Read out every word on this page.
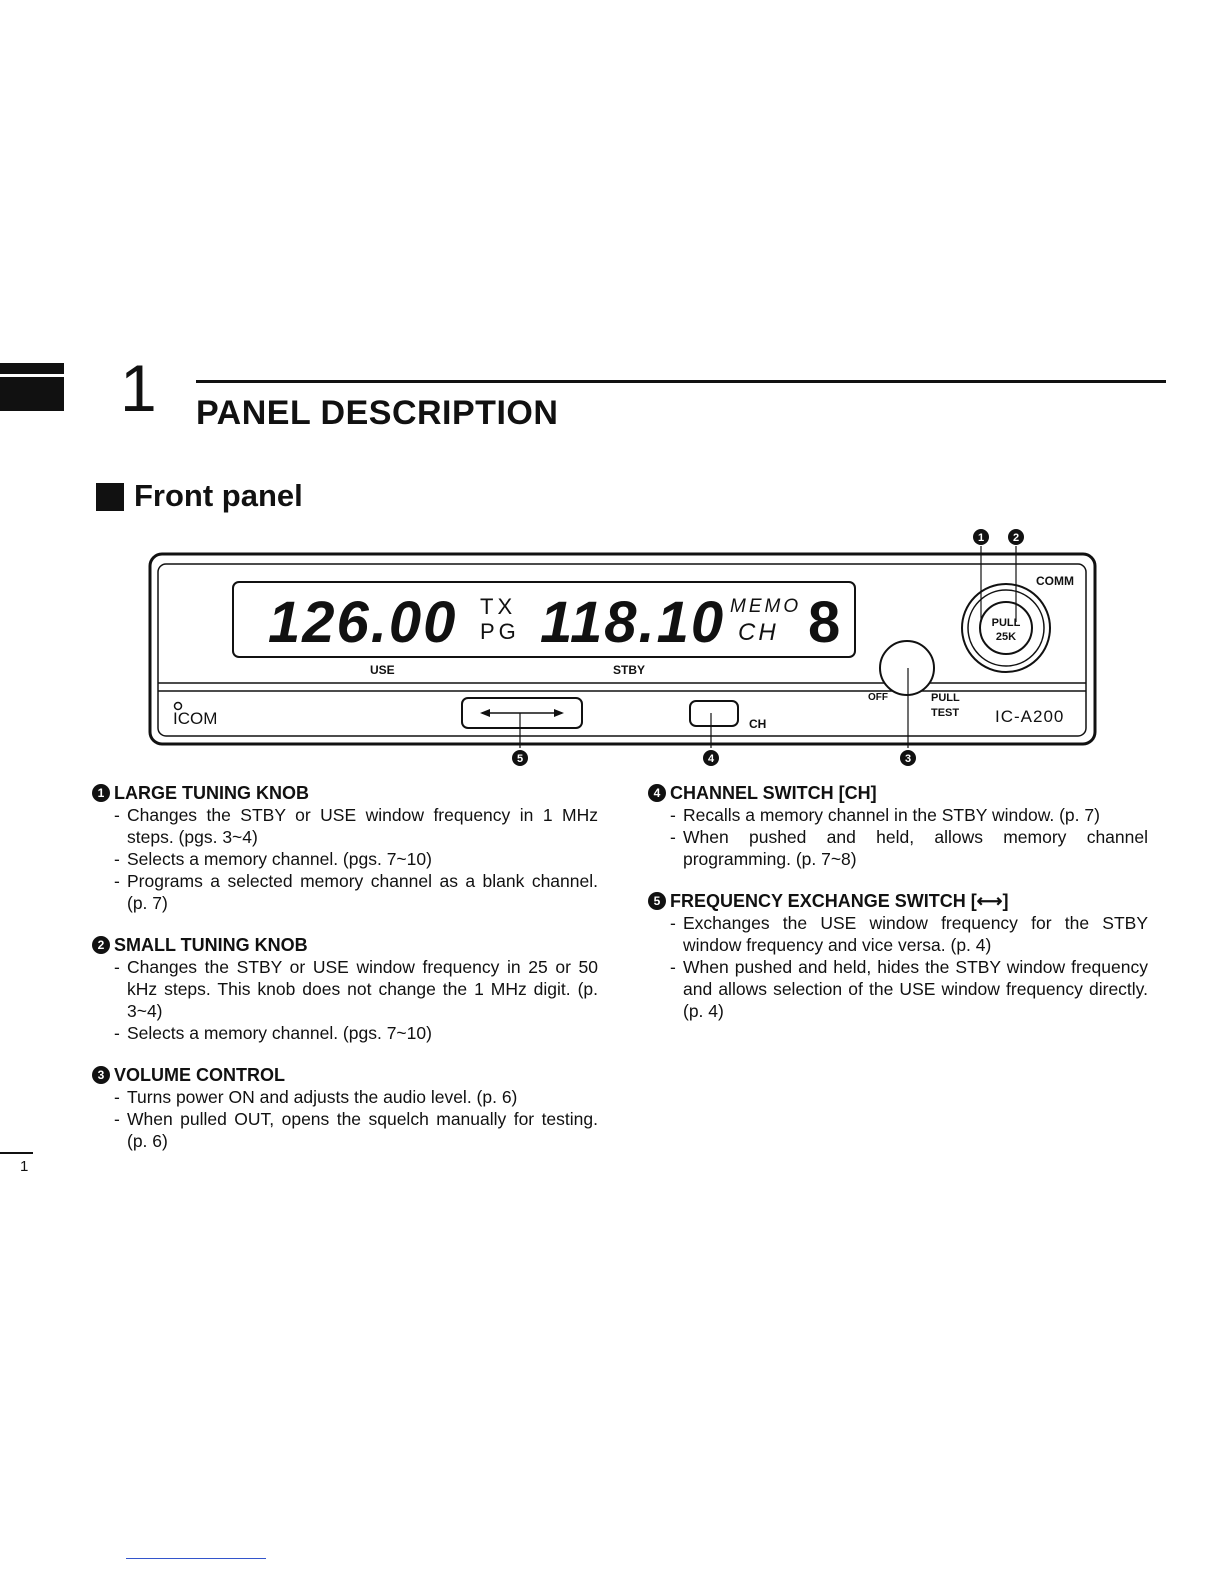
1 PANEL DESCRIPTION
Front panel
126.00 TX
PG 118.10 MEMO
CH 8
USE	STBY
COMM
PULL
25K
OFF	PULL
TEST IC-A200
ICOM	CH
1	2
3
4
5
1 LARGE TUNING KNOB
- Changes the STBY or USE window frequency in 1 MHz steps. (pgs. 3~4)
- Selects a memory channel. (pgs. 7~10)
- Programs a selected memory channel as a blank channel. (p. 7)
2 SMALL TUNING KNOB
- Changes the STBY or USE window frequency in 25 or 50 kHz steps. This knob does not change the 1 MHz digit. (p. 3~4)
- Selects a memory channel. (pgs. 7~10)
3 VOLUME CONTROL
- Turns power ON and adjusts the audio level. (p. 6)
- When pulled OUT, opens the squelch manually for testing. (p. 6)
4 CHANNEL SWITCH [CH]
- Recalls a memory channel in the STBY window. (p. 7)
- When pushed and held, allows memory channel programming. (p. 7~8)
5 FREQUENCY EXCHANGE SWITCH [⟷]
- Exchanges the USE window frequency for the STBY window frequency and vice versa. (p. 4)
- When pushed and held, hides the STBY window frequency and allows selection of the USE window frequency directly. (p. 4)
1
